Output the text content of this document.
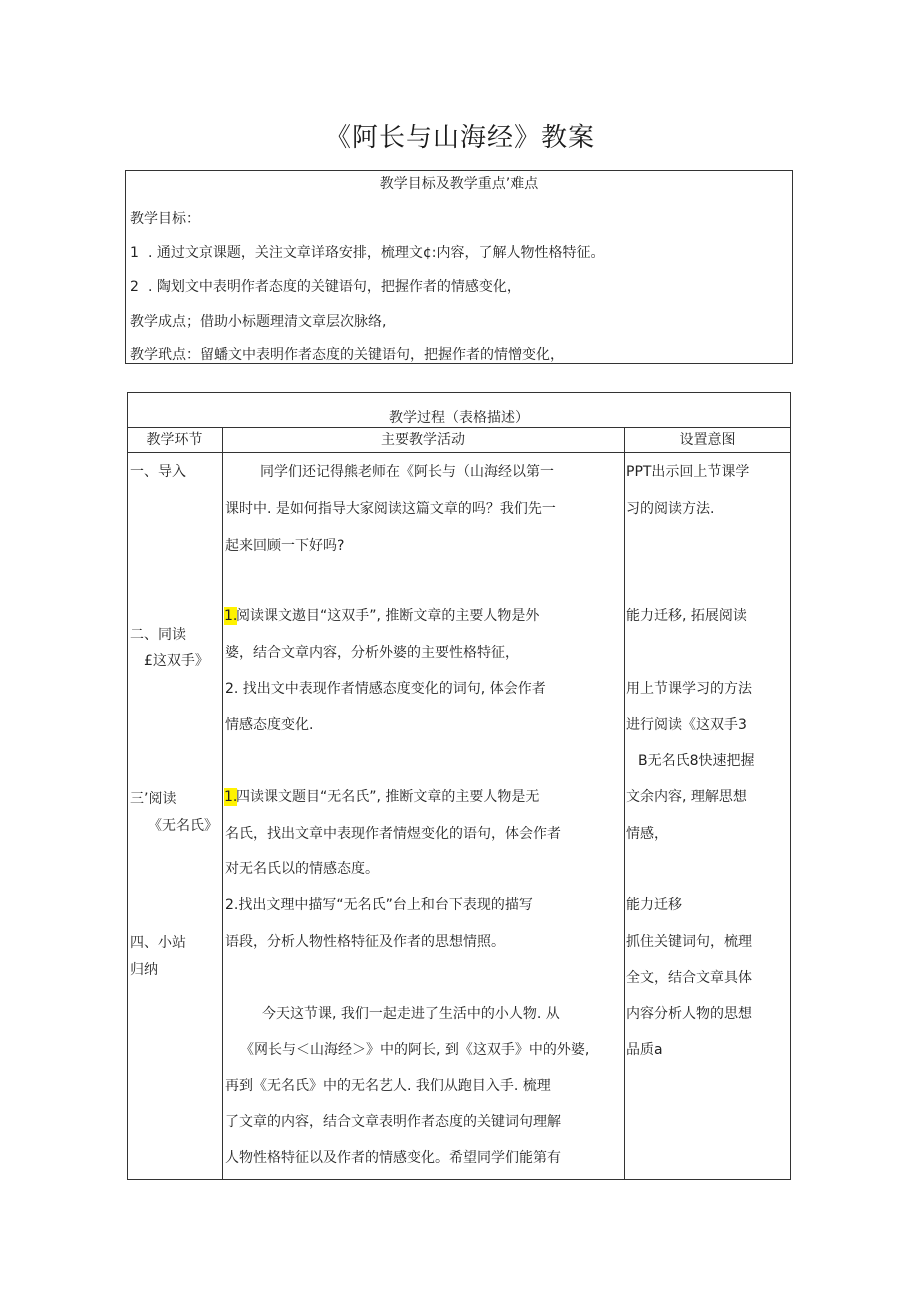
《阿长与山海经》教案
教学目标及教学重点’难点
教学目标：
1 . 通过文京课题，关注文章详珞安排，梳理文¢:内容，了解人物性格特征。
2 . 陶划文中表明作者态度的关键语句，把握作者的情感变化，
教学成点；借助小标题理清文章层次脉络,
教学玳点：留蟠文中表明作者态度的关键语句，把握作者的情憎变化，
教学过程（表格描述）
教学环节	主要教学活动	设置意图
一、导入
二、同读
£这双手》
三’阅读
《无名氏》
四、小站
归纳
同学们还记得熊老师在《阿长与（山海经以第一
课时中. 是如何指导大家阅读这篇文章的吗？我们先一
起来回顾一下好吗?
1.
阅读课文遨目“这双手”, 推断文章的主要人物是外
婆，结合文章内容，分析外婆的主要性格特征，
2. 找出文中表现作者情感态度变化的词句, 体会作者
情感态度变化.
1.
四读课文题目“无名氏”, 推断文章的主要人物是无
名氏，找出文章中表现作者情煜变化的语句，体会作者
对无名氏以的情感态度。
2.找出文理中描写“无名氏”台上和台下表现的描写
语段，分析人物性格特征及作者的思想情照。
今天这节课, 我们一起走进了生活中的小人物. 从
《网长与＜山海经＞》中的阿长, 到《这双手》中的外婆,
再到《无名氏》中的无名艺人. 我们从跑目入手. 梳理
了文章的内容，结合文章表明作者态度的关键词句理解
人物性格特征以及作者的情感变化。希望同学们能第有
PPT出示回上节课学
习的阅读方法.
能力迁移, 拓展阅读
用上节课学习的方法
进行阅读《这双手3
B无名氏8快速把握
文余内容, 理解思想
情感，
能力迁移
抓住关键词句，梳理
全文，结合文章具体
内容分析人物的思想
品质a
